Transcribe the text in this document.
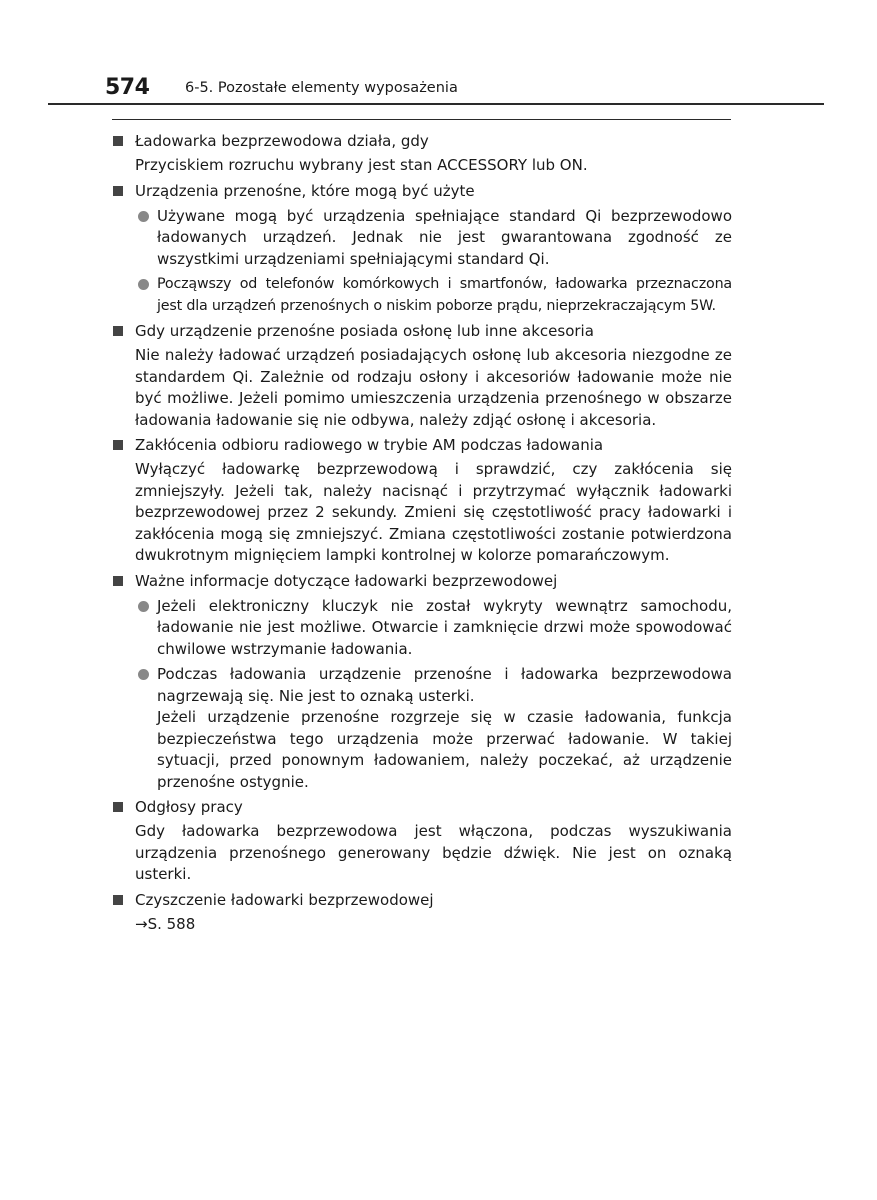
574 6-5. Pozostałe elementy wyposażenia
Ładowarka bezprzewodowa działa, gdy
Przyciskiem rozruchu wybrany jest stan ACCESSORY lub ON.
Urządzenia przenośne, które mogą być użyte

Używane mogą być urządzenia spełniające standard Qi bezprzewodowo ładowanych urządzeń. Jednak nie jest gwarantowana zgodność ze wszystkimi urządzeniami spełniającymi standard Qi.

Począwszy od telefonów komórkowych i smartfonów, ładowarka przeznaczona jest dla urządzeń przenośnych o niskim poborze prądu, nieprzekraczającym 5W.

Gdy urządzenie przenośne posiada osłonę lub inne akcesoria
Nie należy ładować urządzeń posiadających osłonę lub akcesoria niezgodne ze standardem Qi. Zależnie od rodzaju osłony i akcesoriów ładowanie może nie być możliwe. Jeżeli pomimo umieszczenia urządzenia przenośnego w obszarze ładowania ładowanie się nie odbywa, należy zdjąć osłonę i akcesoria.
Zakłócenia odbioru radiowego w trybie AM podczas ładowania
Wyłączyć ładowarkę bezprzewodową i sprawdzić, czy zakłócenia się zmniejszyły. Jeżeli tak, należy nacisnąć i przytrzymać wyłącznik ładowarki bezprzewodowej przez 2 sekundy. Zmieni się częstotliwość pracy ładowarki i zakłócenia mogą się zmniejszyć. Zmiana częstotliwości zostanie potwierdzona dwukrotnym mignięciem lampki kontrolnej w kolorze pomarańczowym.
Ważne informacje dotyczące ładowarki bezprzewodowej

Jeżeli elektroniczny kluczyk nie został wykryty wewnątrz samochodu, ładowanie nie jest możliwe. Otwarcie i zamknięcie drzwi może spowodować chwilowe wstrzymanie ładowania.

Podczas ładowania urządzenie przenośne i ładowarka bezprzewodowa nagrzewają się. Nie jest to oznaką usterki.

Jeżeli urządzenie przenośne rozgrzeje się w czasie ładowania, funkcja bezpieczeństwa tego urządzenia może przerwać ładowanie. W takiej sytuacji, przed ponownym ładowaniem, należy poczekać, aż urządzenie przenośne ostygnie.

Odgłosy pracy
Gdy ładowarka bezprzewodowa jest włączona, podczas wyszukiwania urządzenia przenośnego generowany będzie dźwięk. Nie jest on oznaką usterki.
Czyszczenie ładowarki bezprzewodowej
→S. 588
